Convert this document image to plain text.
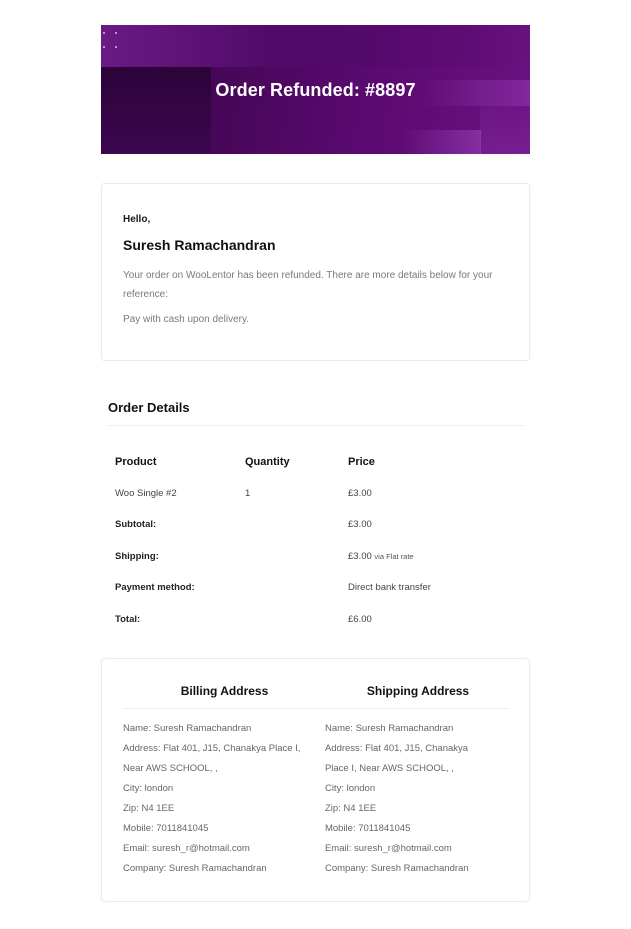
Order Refunded: #8897
Hello,
Suresh Ramachandran
Your order on WooLentor has been refunded. There are more details below for your reference:
Pay with cash upon delivery.
Order Details
Product	Quantity	Price
Woo Single #2	1	£3.00
Subtotal:		£3.00
Shipping:		£3.00 via Flat rate
Payment method:		Direct bank transfer
Total:		£6.00
Billing Address	Shipping Address
Name: Suresh Ramachandran
Address: Flat 401, J15, Chanakya Place I,
Near AWS SCHOOL, ,
City: london
Zip: N4 1EE
Mobile: 7011841045
Email: suresh_r@hotmail.com
Company: Suresh Ramachandran
Name: Suresh Ramachandran
Address: Flat 401, J15, Chanakya
Place I, Near AWS SCHOOL, ,
City: london
Zip: N4 1EE
Mobile: 7011841045
Email: suresh_r@hotmail.com
Company: Suresh Ramachandran
